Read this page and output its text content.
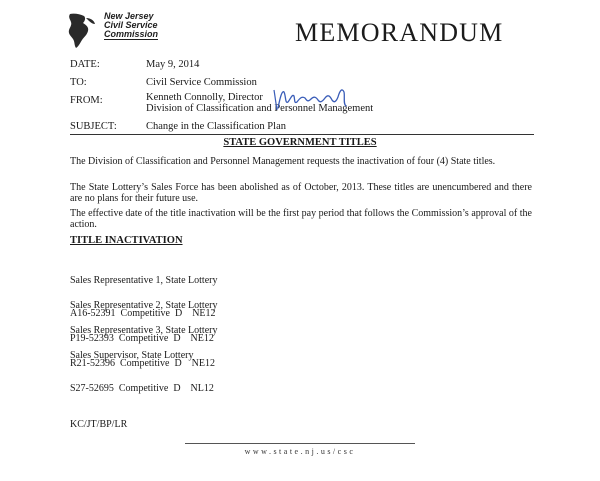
New Jersey
Civil Service
Commission	MEMORANDUM
DATE:	May 9, 2014
TO:	Civil Service Commission
FROM:	Kenneth Connolly, Director
Division of Classification and Personnel Management
SUBJECT:	Change in the Classification Plan
STATE GOVERNMENT TITLES
The Division of Classification and Personnel Management requests the inactivation of four (4) State titles.
The State Lottery’s Sales Force has been abolished as of October, 2013. These titles are unencumbered and there are no plans for their future use.
The effective date of the title inactivation will be the first pay period that follows the Commission’s approval of the action.
TITLE INACTIVATION

Sales Representative 1, State Lottery

A16-52391  Competitive  D    NE12

Sales Representative 2, State Lottery

P19-52393  Competitive  D    NE12

Sales Representative 3, State Lottery

R21-52396  Competitive  D    NE12

Sales Supervisor, State Lottery

S27-52695  Competitive  D    NL12

KC/JT/BP/LR
www.state.nj.us/csc
